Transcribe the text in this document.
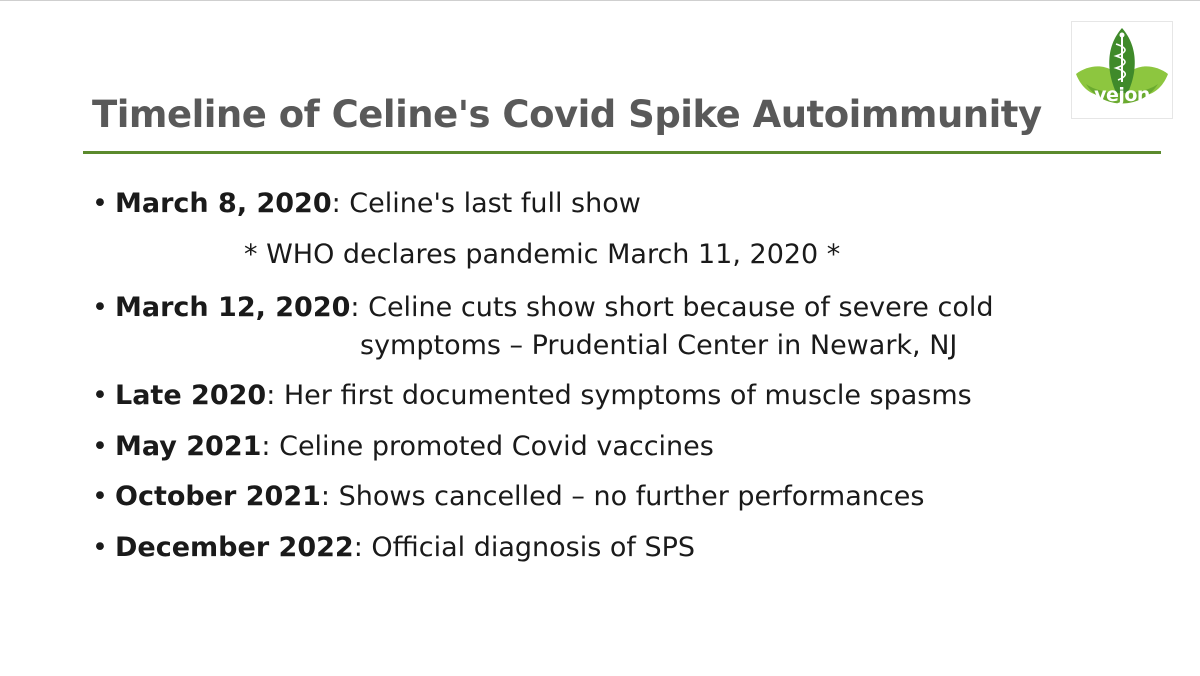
vejon
Timeline of Celine's Covid Spike Autoimmunity
• March 8, 2020: Celine's last full show
* WHO declares pandemic March 11, 2020 *
• March 12, 2020: Celine cuts show short because of severe cold
symptoms – Prudential Center in Newark, NJ
• Late 2020: Her first documented symptoms of muscle spasms
• May 2021: Celine promoted Covid vaccines
• October 2021: Shows cancelled – no further performances
• December 2022: Official diagnosis of SPS
